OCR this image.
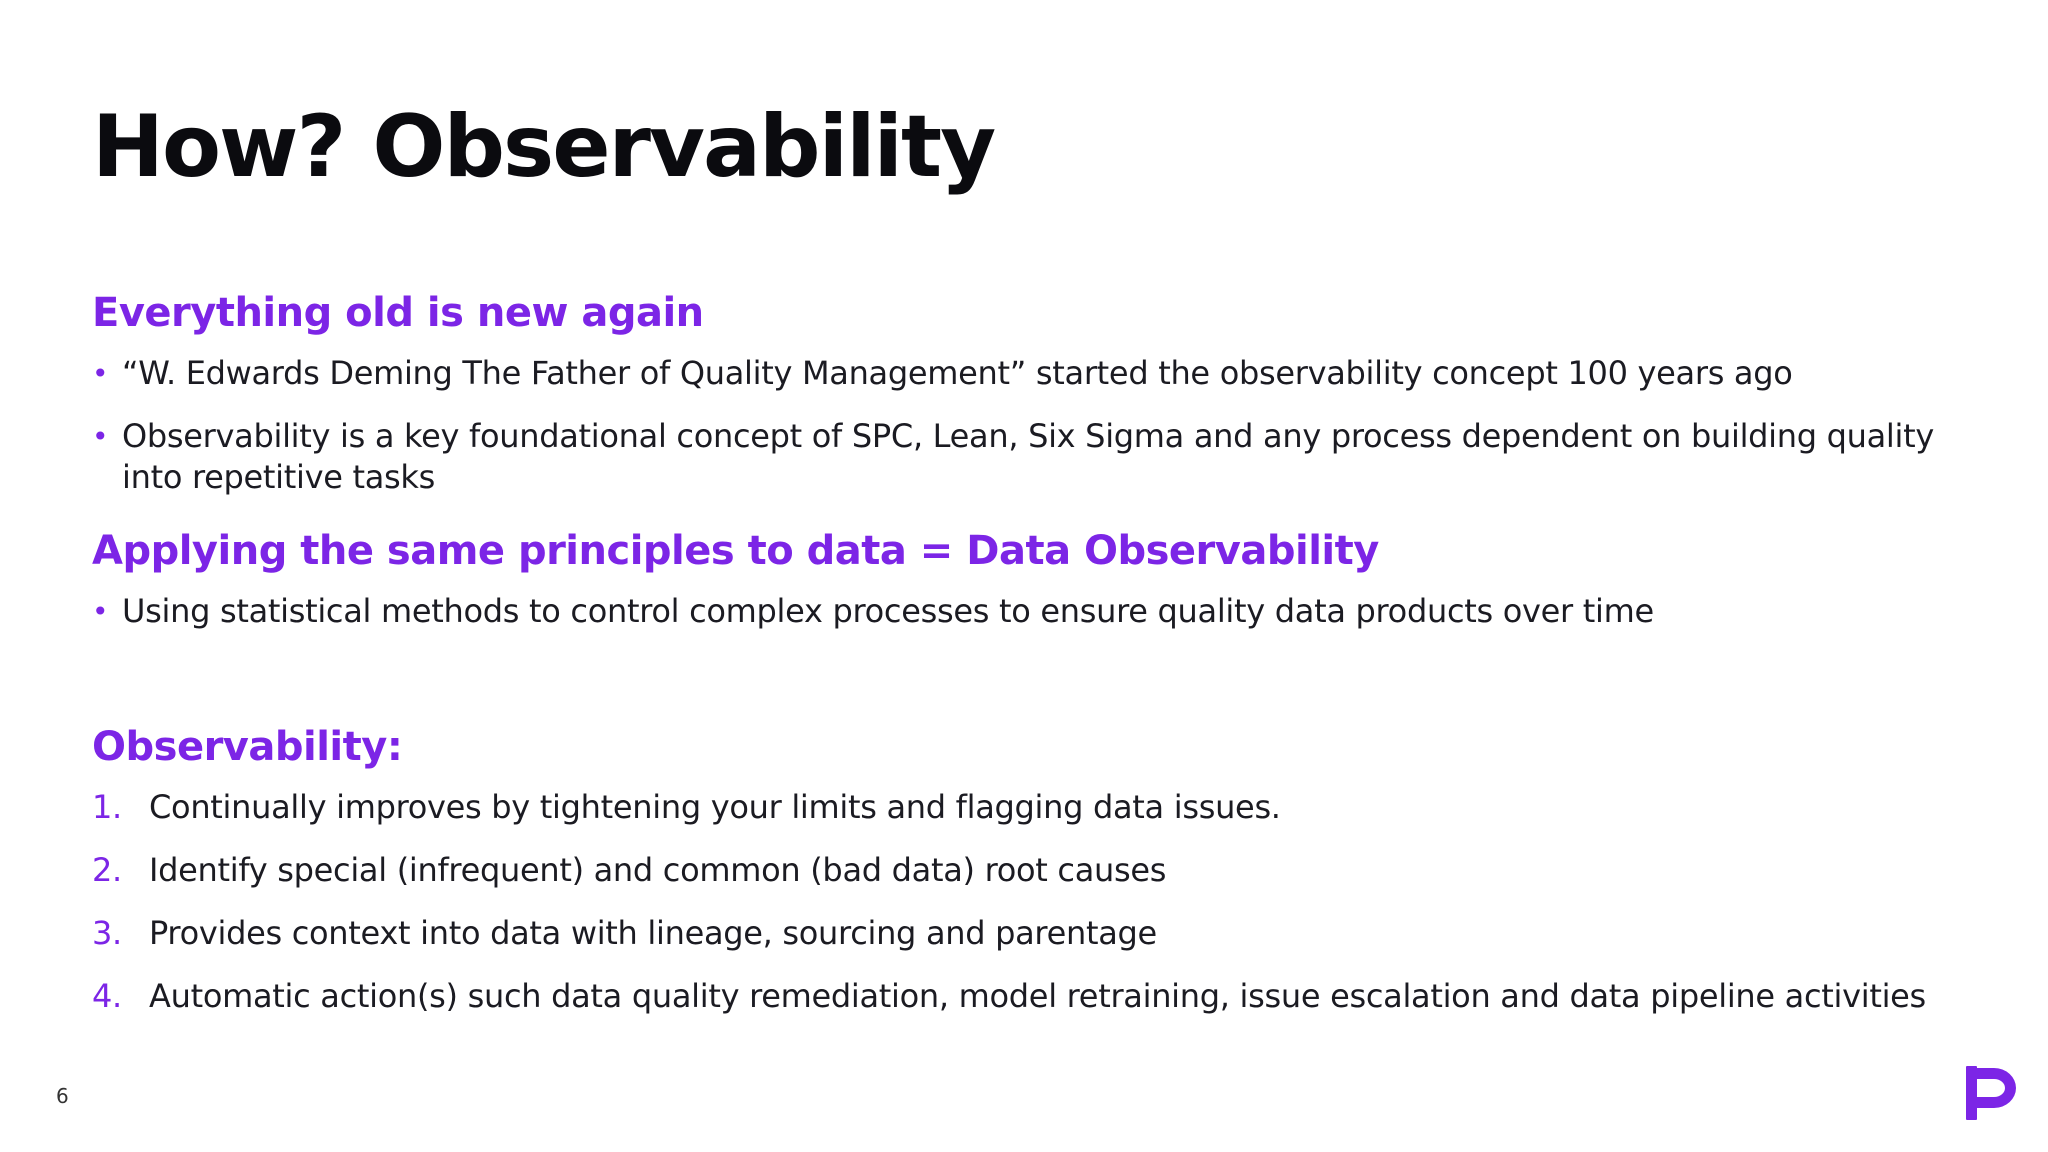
How? Observability
Everything old is new again
• “W. Edwards Deming The Father of Quality Management” started the observability concept 100 years ago
• Observability is a key foundational concept of SPC, Lean, Six Sigma and any process dependent on building quality into repetitive tasks
Applying the same principles to data = Data Observability
• Using statistical methods to control complex processes to ensure quality data products over time
Observability:
1. Continually improves by tightening your limits and flagging data issues.
2. Identify special (infrequent) and common (bad data) root causes
3. Provides context into data with lineage, sourcing and parentage
4. Automatic action(s) such data quality remediation, model retraining, issue escalation and data pipeline activities
6
